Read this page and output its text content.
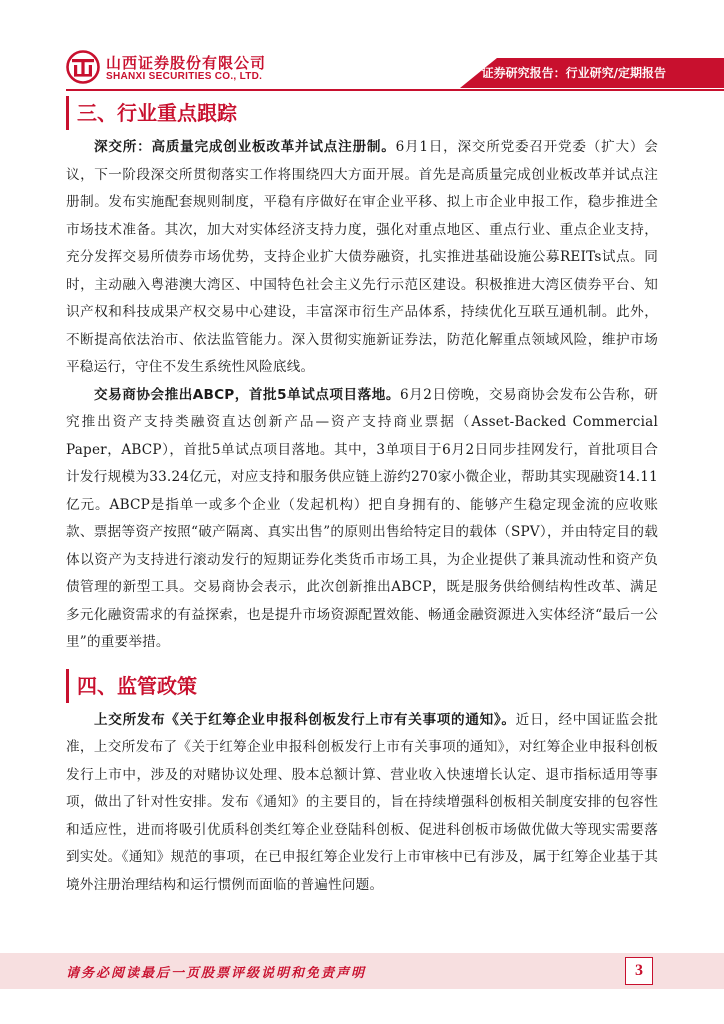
山西证券股份有限公司
SHANXI SECURITIES CO., LTD.	证券研究报告：行业研究/定期报告
三、行业重点跟踪

深交所：高质量完成创业板改革并试点注册制。6月1日，深交所党委召开党委（扩大）会议，下一阶段深交所贯彻落实工作将围绕四大方面开展。首先是高质量完成创业板改革并试点注册制。发布实施配套规则制度，平稳有序做好在审企业平移、拟上市企业申报工作，稳步推进全市场技术准备。其次，加大对实体经济支持力度，强化对重点地区、重点行业、重点企业支持，充分发挥交易所债券市场优势，支持企业扩大债券融资，扎实推进基础设施公募REITs试点。同时，主动融入粤港澳大湾区、中国特色社会主义先行示范区建设。积极推进大湾区债券平台、知识产权和科技成果产权交易中心建设，丰富深市衍生产品体系，持续优化互联互通机制。此外，不断提高依法治市、依法监管能力。深入贯彻实施新证券法，防范化解重点领域风险，维护市场平稳运行，守住不发生系统性风险底线。

交易商协会推出ABCP，首批5单试点项目落地。6月2日傍晚，交易商协会发布公告称，研究推出资产支持类融资直达创新产品—资产支持商业票据（Asset-Backed Commercial Paper，ABCP），首批5单试点项目落地。其中，3单项目于6月2日同步挂网发行，首批项目合计发行规模为33.24亿元，对应支持和服务供应链上游约270家小微企业，帮助其实现融资14.11亿元。ABCP是指单一或多个企业（发起机构）把自身拥有的、能够产生稳定现金流的应收账款、票据等资产按照“破产隔离、真实出售”的原则出售给特定目的载体（SPV），并由特定目的载体以资产为支持进行滚动发行的短期证券化类货币市场工具，为企业提供了兼具流动性和资产负债管理的新型工具。交易商协会表示，此次创新推出ABCP，既是服务供给侧结构性改革、满足多元化融资需求的有益探索，也是提升市场资源配置效能、畅通金融资源进入实体经济“最后一公里”的重要举措。

四、监管政策

上交所发布《关于红筹企业申报科创板发行上市有关事项的通知》。近日，经中国证监会批准，上交所发布了《关于红筹企业申报科创板发行上市有关事项的通知》，对红筹企业申报科创板发行上市中，涉及的对赌协议处理、股本总额计算、营业收入快速增长认定、退市指标适用等事项，做出了针对性安排。发布《通知》的主要目的，旨在持续增强科创板相关制度安排的包容性和适应性，进而将吸引优质科创类红筹企业登陆科创板、促进科创板市场做优做大等现实需要落到实处。《通知》规范的事项，在已申报红筹企业发行上市审核中已有涉及，属于红筹企业基于其境外注册治理结构和运行惯例而面临的普遍性问题。

请务必阅读最后一页股票评级说明和免责声明	3
